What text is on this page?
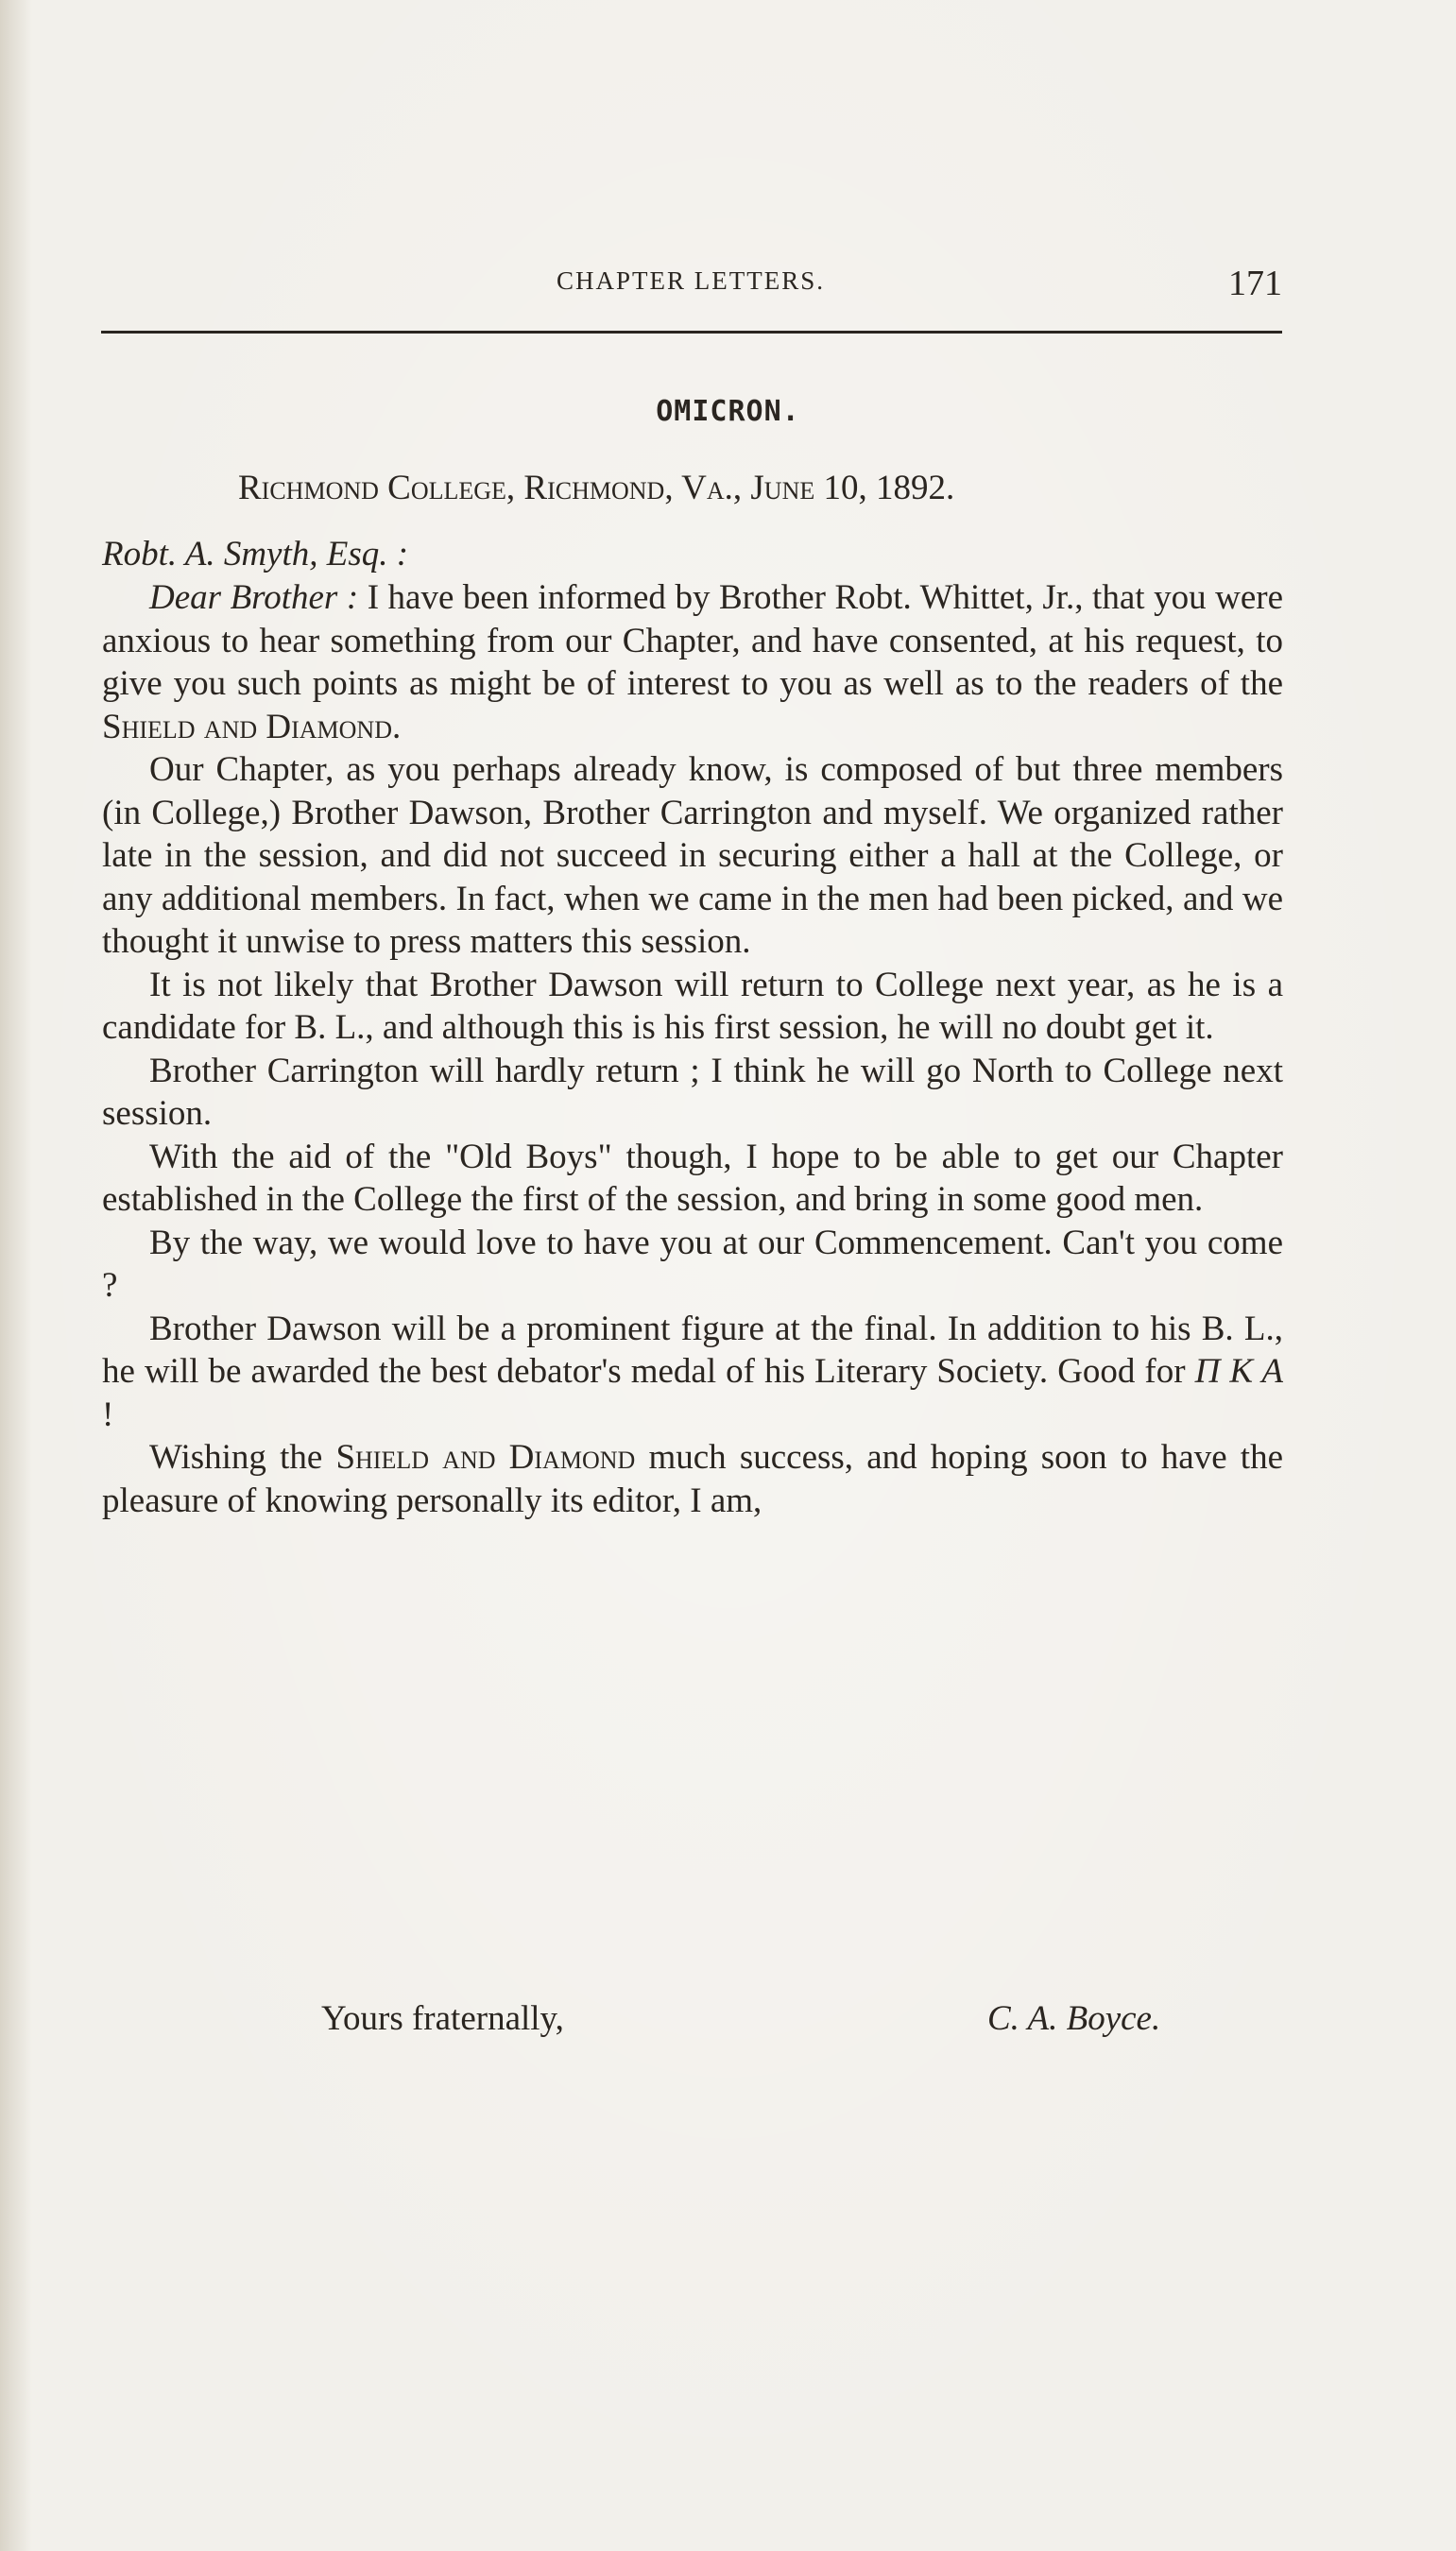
CHAPTER LETTERS.	171
OMICRON.
Richmond College, Richmond, Va., June 10, 1892.
Robt. A. Smyth, Esq. :

Dear Brother : I have been informed by Brother Robt. Whittet, Jr., that you were anxious to hear something from our Chapter, and have consented, at his request, to give you such points as might be of interest to you as well as to the readers of the Shield and Diamond.

Our Chapter, as you perhaps already know, is composed of but three members (in College,) Brother Dawson, Brother Carrington and myself. We organized rather late in the session, and did not succeed in securing either a hall at the College, or any additional members. In fact, when we came in the men had been picked, and we thought it unwise to press matters this session.

It is not likely that Brother Dawson will return to College next year, as he is a candidate for B. L., and although this is his first session, he will no doubt get it.

Brother Carrington will hardly return ; I think he will go North to College next session.

With the aid of the "Old Boys" though, I hope to be able to get our Chapter established in the College the first of the session, and bring in some good men.

By the way, we would love to have you at our Commencement. Can't you come ?

Brother Dawson will be a prominent figure at the final. In addition to his B. L., he will be awarded the best debator's medal of his Literary Society. Good for Π Κ Α !

Wishing the Shield and Diamond much success, and hoping soon to have the pleasure of knowing personally its editor, I am,

Yours fraternally,	C. A. Boyce.
